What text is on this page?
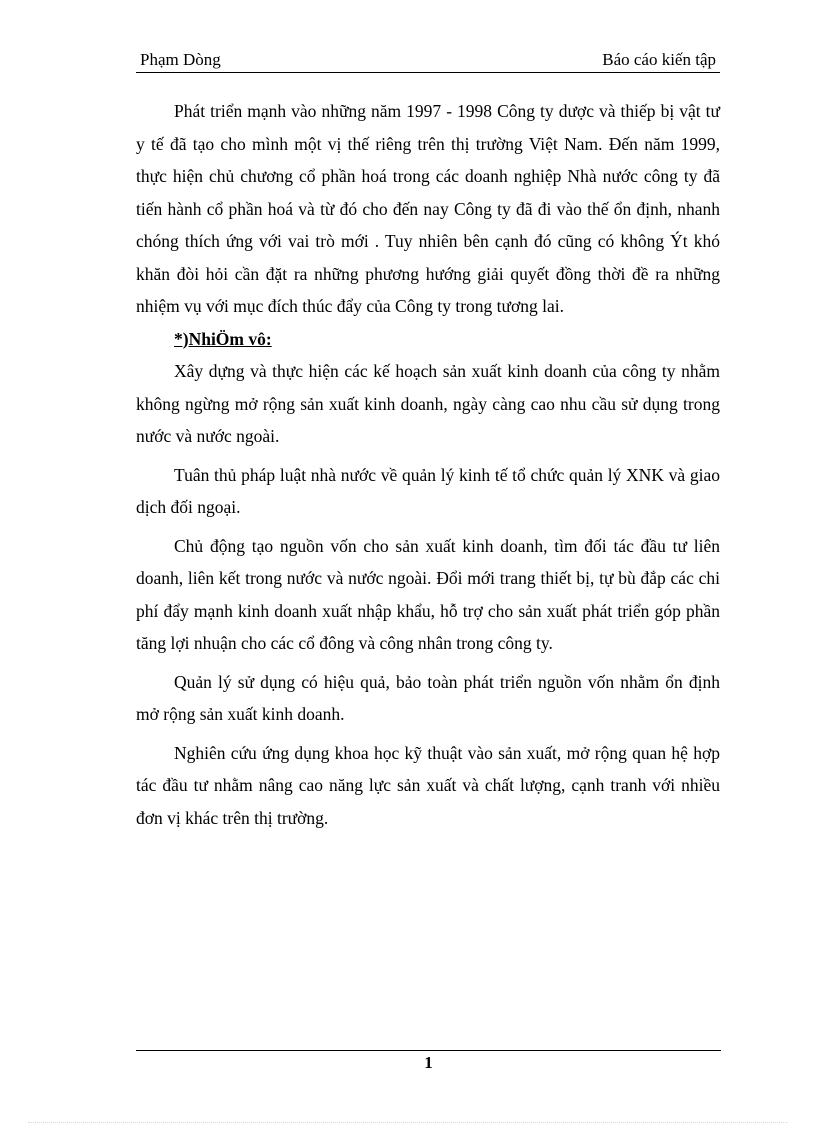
Phạm Dòng	Báo cáo kiến tập

Phát triển mạnh vào những năm 1997 - 1998 Công ty dược và thiếp bị vật tư y tế đã tạo cho mình một vị thế riêng trên thị trường Việt Nam. Đến năm 1999, thực hiện chủ chương cổ phần hoá trong các doanh nghiệp Nhà nước công ty đã tiến hành cổ phần hoá và từ đó cho đến nay Công ty đã đi vào thế ổn định, nhanh chóng thích ứng với vai trò mới . Tuy nhiên bên cạnh đó cũng có không Ýt khó khăn đòi hỏi cần đặt ra những phương hướng giải quyết đồng thời đề ra những nhiệm vụ với mục đích thúc đẩy của Công ty trong tương lai.

*)NhiÖm vô:

Xây dựng và thực hiện các kế hoạch sản xuất kinh doanh của công ty nhằm không ngừng mở rộng sản xuất kinh doanh, ngày càng cao nhu cầu sử dụng trong nước và nước ngoài.

Tuân thủ pháp luật nhà nước về quản lý kinh tế tổ chức quản lý XNK và giao dịch đối ngoại.

Chủ động tạo nguồn vốn cho sản xuất kinh doanh, tìm đối tác đầu tư liên doanh, liên kết trong nước và nước ngoài. Đổi mới trang thiết bị, tự bù đắp các chi phí đẩy mạnh kinh doanh xuất nhập khẩu, hỗ trợ cho sản xuất phát triển góp phần tăng lợi nhuận cho các cổ đông và công nhân trong công ty.

Quản lý sử dụng có hiệu quả, bảo toàn phát triển nguồn vốn nhằm ổn định mở rộng sản xuất kinh doanh.

Nghiên cứu ứng dụng khoa học kỹ thuật vào sản xuất, mở rộng quan hệ hợp tác đầu tư nhằm nâng cao năng lực sản xuất và chất lượng, cạnh tranh với nhiều đơn vị khác trên thị trường.

1
